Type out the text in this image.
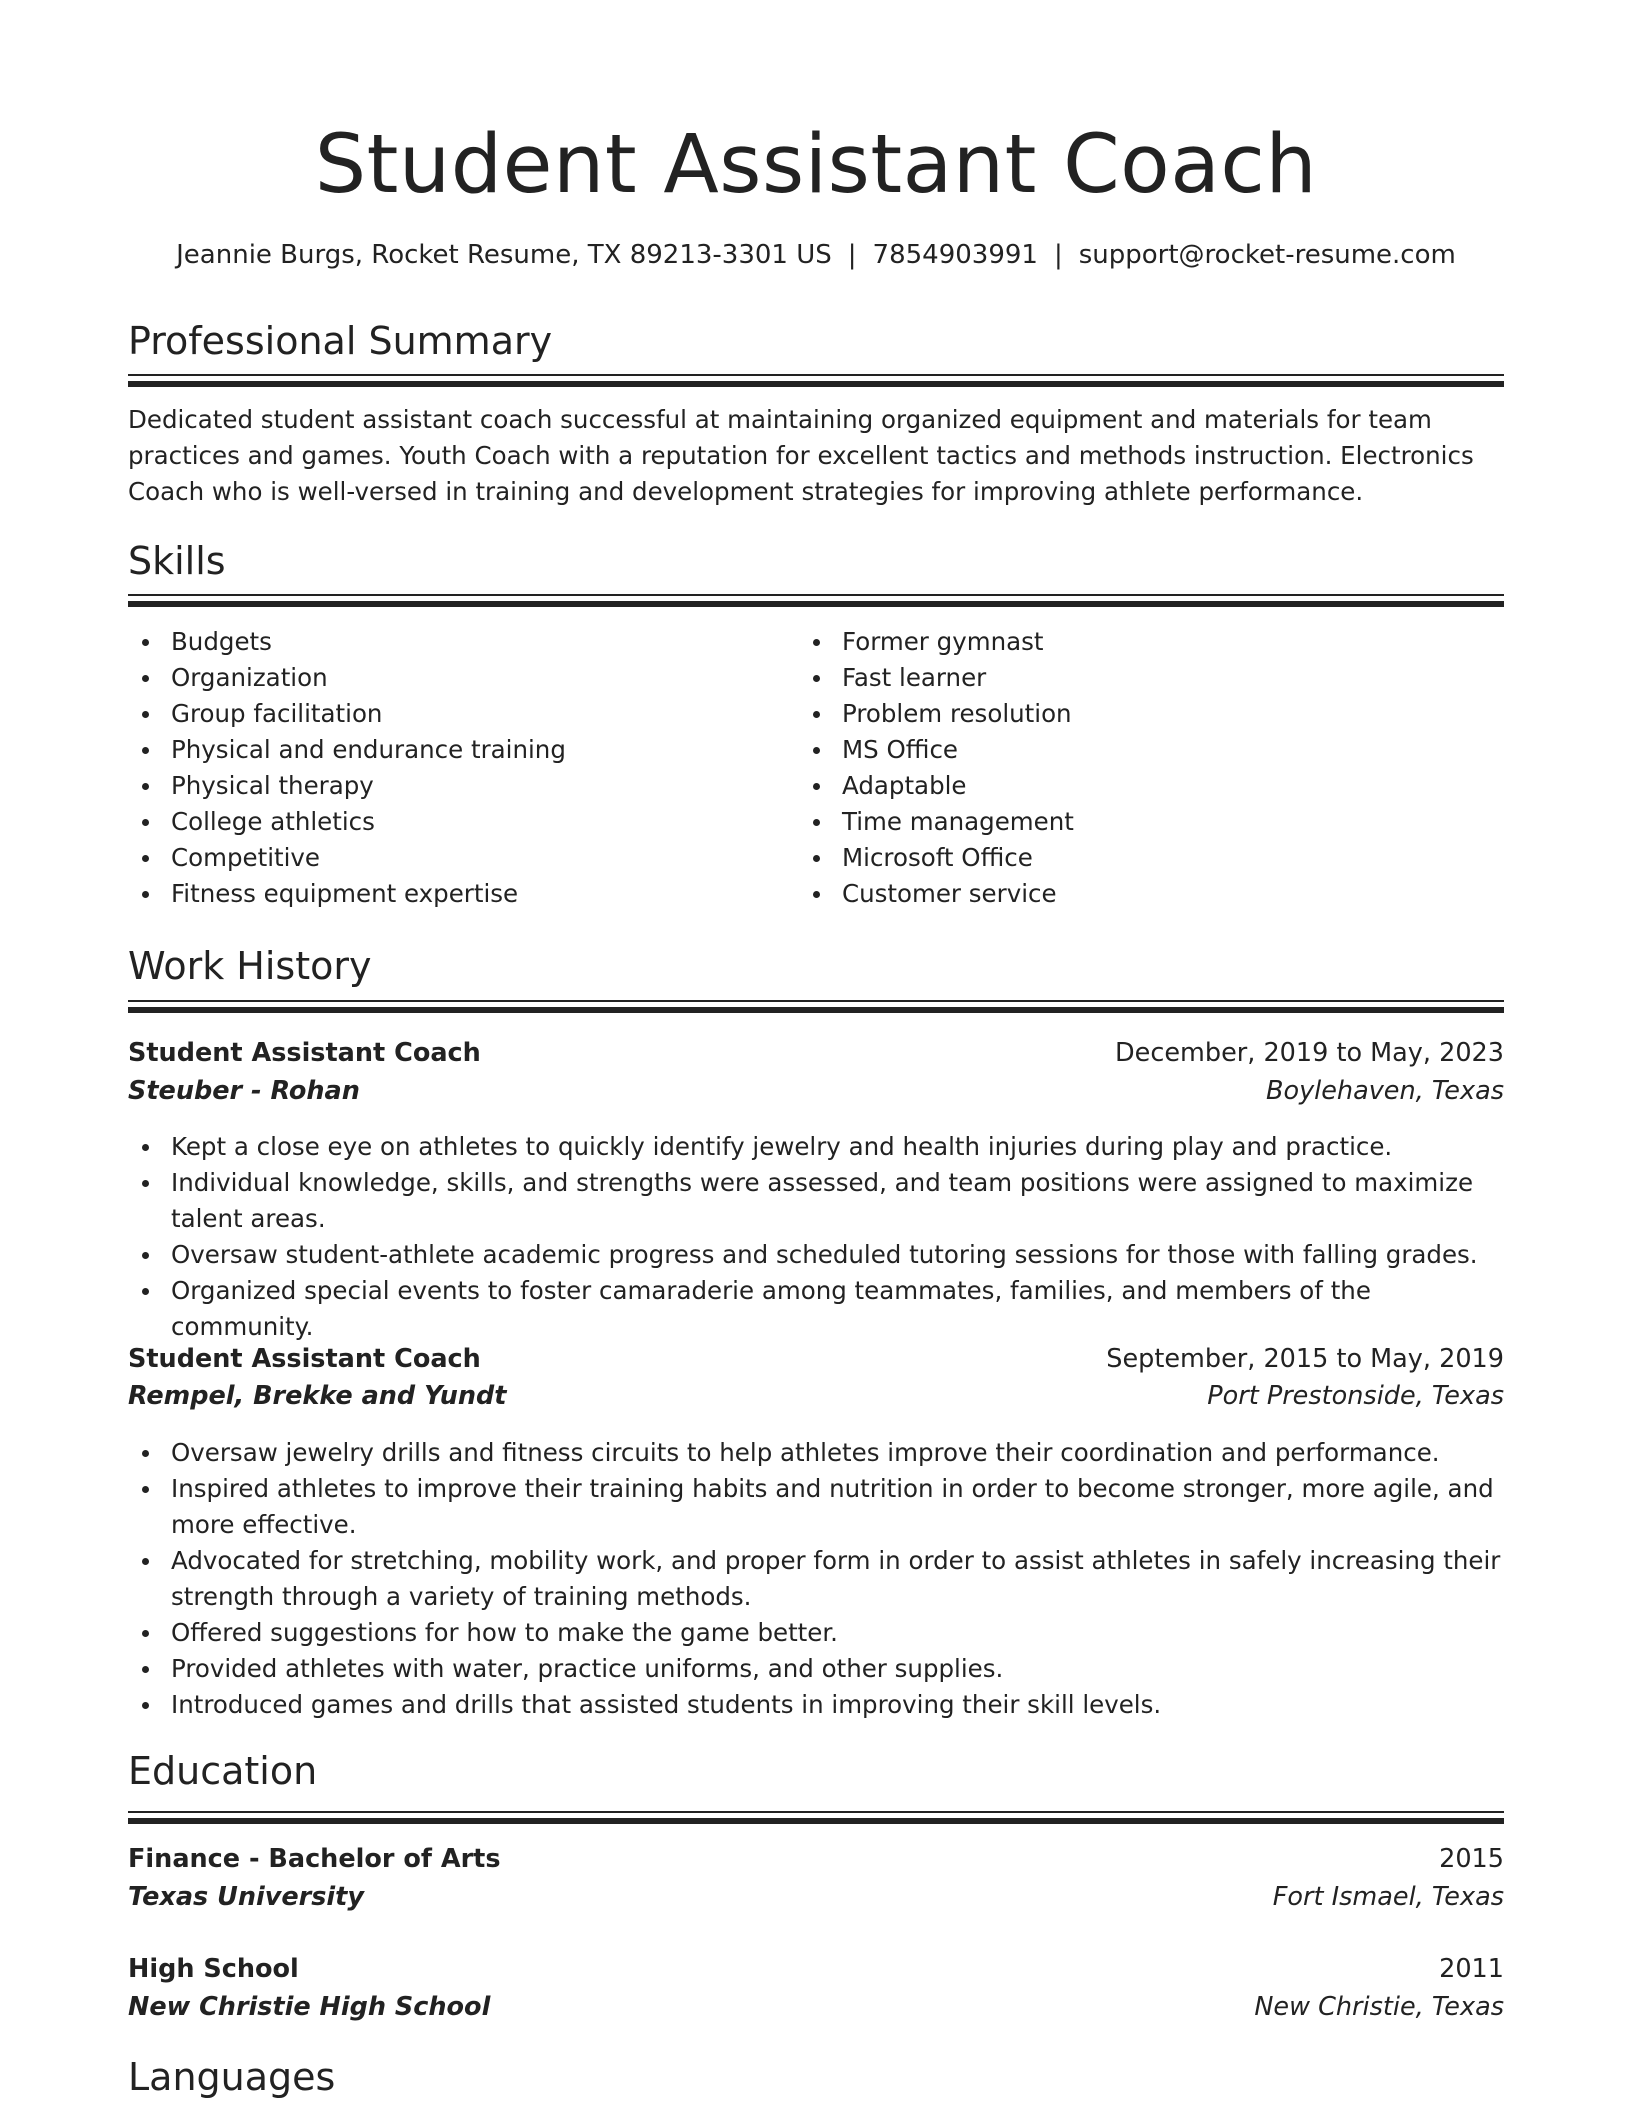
Student Assistant Coach
Jeannie Burgs, Rocket Resume, TX 89213-3301 US | 7854903991 | support@rocket-resume.com
Professional Summary
Dedicated student assistant coach successful at maintaining organized equipment and materials for team practices and games. Youth Coach with a reputation for excellent tactics and methods instruction. Electronics Coach who is well-versed in training and development strategies for improving athlete performance.
Skills
Budgets
Organization
Group facilitation
Physical and endurance training
Physical therapy
College athletics
Competitive
Fitness equipment expertise
Former gymnast
Fast learner
Problem resolution
MS Office
Adaptable
Time management
Microsoft Office
Customer service
Work History
Student Assistant Coach	December, 2019 to May, 2023
Steuber - Rohan	Boylehaven, Texas
Kept a close eye on athletes to quickly identify jewelry and health injuries during play and practice.
Individual knowledge, skills, and strengths were assessed, and team positions were assigned to maximize talent areas.
Oversaw student-athlete academic progress and scheduled tutoring sessions for those with falling grades.
Organized special events to foster camaraderie among teammates, families, and members of the community.
Student Assistant Coach	September, 2015 to May, 2019
Rempel, Brekke and Yundt	Port Prestonside, Texas
Oversaw jewelry drills and fitness circuits to help athletes improve their coordination and performance.
Inspired athletes to improve their training habits and nutrition in order to become stronger, more agile, and more effective.
Advocated for stretching, mobility work, and proper form in order to assist athletes in safely increasing their strength through a variety of training methods.
Offered suggestions for how to make the game better.
Provided athletes with water, practice uniforms, and other supplies.
Introduced games and drills that assisted students in improving their skill levels.
Education
Finance - Bachelor of Arts	2015
Texas University	Fort Ismael, Texas
High School	2011
New Christie High School	New Christie, Texas
Languages
